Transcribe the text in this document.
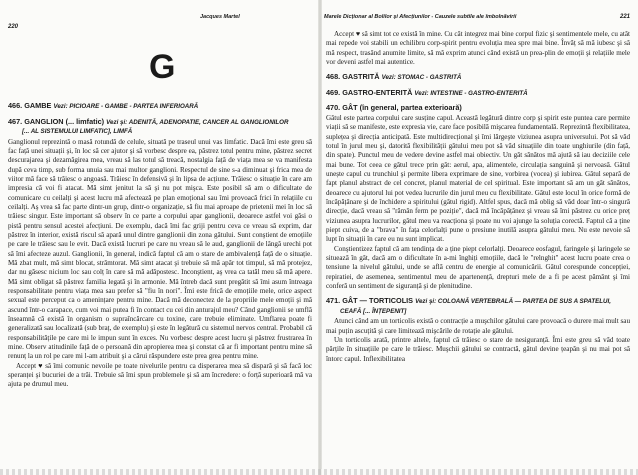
220
Jacques Martel
G
466. GAMBE Vezi: PICIOARE - GAMBE - PARTEA INFERIOARĂ
467. GANGLION (... limfatic) Vezi şi: ADENITĂ, ADENOPATIE, CANCER AL GANGLIONILOR
[... AL SISTEMULUI LIMFATIC], LIMFĂ

Ganglionul reprezintă o masă rotundă de celule, situată pe traseul unui vas limfatic. Dacă îmi este greu să fac față unei situații şi, în loc să cer ajutor şi să vorbesc despre ea, păstrez totul pentru mine, păstrez secret descurajarea şi dezamăgirea mea, vreau să las totul să treacă, nostalgia față de viața mea se va manifesta după ceva timp, sub forma unuia sau mai multor ganglioni. Respectul de sine s-a diminuat şi frica mea de viitor mă face să trăiesc o angoasă. Trăiesc în defensivă şi în lipsa de acțiune. Trăiesc o situație în care am impresia că voi fi atacat. Mă simt jenitut la să şi nu pot mişca. Este posibil să am o dificultate de comunicare cu ceilalți şi acest lucru mă afectează pe plan emoțional sau îmi provoacă frici în relațiile cu ceilalți. Aş vrea să fac parte dintr-un grup, dintr-o organizație, să fiu mai aproape de prietenii mei în loc să trăiesc singur. Este important să observ în ce parte a corpului apar ganglionii, deoarece astfel voi găsi o pistă pentru sensul acestei afecțiuni. De exemplu, dacă îmi fac griji pentru ceva ce vreau să exprim, dar păstrez în interior, există riscul să apară unul dintre ganglionii din zona gâtului. Sunt conştient de emoțiile pe care le trăiesc sau le evit. Dacă există lucruri pe care nu vreau să le aud, ganglionii de lângă urechi pot să îmi afecteze auzul. Ganglionii, în general, indică faptul că am o stare de ambivalență față de o situație. Mă zbat mult, mă simt blocat, strâmtorat. Mă simt atacat şi trebuie să mă apăr tot timpul, să mă protejez, dar nu găsesc nicium loc sau colț în care să mă adăpostesc. Inconştient, aş vrea ca tatăl meu să mă apere. Mă simt obligat să păstrez familia legată şi în armonie. Mă întreb dacă sunt pregătit să îmi asum întreaga responsabilitate pentru viața mea sau prefer să "fiu în nori". Îmi este frică de emoțiile mele, orice aspect sexual este perceput ca o amenințare pentru mine. Dacă mă deconectez de la propriile mele emoții şi mă ascund într-o carapace, cum voi mai putea fi în contact cu cei din anturajul meu? Când ganglionii se umflă înseamnă că există în organism o supraîncărcare cu toxine, care trebuie eliminate. Umflarea poate fi generalizată sau localizată (sub braț, de exemplu) şi este în legătură cu sistemul nervos central. Probabil că responsabilitățile pe care mi le impun sunt în exces. Nu vorbesc despre acest lucru şi păstrez frustrarea în mine. Observ atitudinile față de o persoană din apropierea mea şi constat că ar fi important pentru mine să renunț la un rol pe care mi l-am atribuit şi a cărui răspundere este prea grea pentru mine.

Accept ♥ să îmi comunic nevoile pe toate nivelurile pentru ca disperarea mea să dispară şi să facă loc speranței şi bucuriei de a trăi. Trebuie să îmi spun problemele şi să am încredere: o forță superioară mă va ajuta pe drumul meu.

Marele Dicționar al Bolilor şi Afecțiunilor - Cauzele subtile ale îmbolnăvirii	221

Accept ♥ să simt tot ce există în mine. Cu cât integrez mai bine corpul fizic şi sentimentele mele, cu atât mai repede voi stabili un echilibru corp-spirit pentru evoluția mea spre mai bine. Învăț să mă iubesc şi să mă respect, trasând anumite limite, să mă exprim atunci când există un prea-plin de emoții şi relațiile mele vor deveni astfel mai autentice.

468. GASTRITĂ Vezi: STOMAC - GASTRITĂ
469. GASTRO-ENTERITĂ Vezi: INTESTINE - GASTRO-ENTERITĂ
470. GÂT (în general, partea exterioară)

Gâtul este partea corpului care susține capul. Această legătură dintre corp şi spirit este puntea care permite viații să se manifeste, este expresia vie, care face posibilă mişcarea fundamentală. Reprezintă flexibilitatea, suplețea şi direcția anticipată. Este multidirecțional şi îmi lărgeşte viziunea asupra universului. Pot să văd totul în jurul meu şi, datorită flexibilității gâtului meu pot să văd situațiile din toate unghiurile (din față, din spate). Punctul meu de vedere devine astfel mai obiectiv. Un gât sănătos mă ajută să iau deciziile cele mai bune. Tot ceea ce gâtul trece prin gât: aerul, apa, alimentele, circulația sanguină şi nervoasă. Gâtul unește capul cu trunchiul şi permite libera exprimare de sine, vorbirea (vocea) şi iubirea. Gâtul separă de fapt planul abstract de cel concret, planul material de cel spiritual. Este important să am un gât sănătos, deoarece cu ajutorul lui pot vedea lucrurile din jurul meu cu flexibilitate. Gâtul este locul în orice formă de încăpățânare şi de închidere a spiritului (gâtul rigid). Altfel spus, dacă mă oblig să văd doar într-o singură direcție, dacă vreau să "rămân ferm pe poziție", dacă mă încăpățânez şi vreau să îmi păstrez cu orice preț viziunea asupra lucrurilor, gâtul meu va reacționa şi poate nu voi ajunge la soluția corectă. Faptul că a ține piept cuiva, de a "brava" în fața celorlalți pune o presiune inutilă asupra gâtului meu. Nu este nevoie să lupt în situații în care eu nu sunt implicat.

Conştientizez faptul că am tendința de a ține piept celorlalți. Deoarece eosfagul, faringele şi laringele se situează în gât, dacă am o dificultate în a-mi înghiți emoțiile, dacă le "relnghit" acest lucru poate crea o tensiune la nivelul gâtului, unde se află centru de energie al comunicării. Gâtul corespunde concepției, repiratiei, de asemenea, sentimentul meu de apartenență, drepturi mele de a fi pe acest pământ şi îmi conferă un sentiment de siguranță şi de plenitudine.

471. GÂT — TORTICOLIS Vezi şi: COLOANĂ VERTEBRALĂ — PARTEA DE SUS A SPATELUI,
CEAFĂ [... ÎNȚEPENIT]

Atunci când am un torticolis există o contracție a muşchilor gâtului care provoacă o durere mai mult sau mai puțin ascuțită şi care limitează mişcările de rotație ale gâtului.

Un torticolis arată, printre altele, faptul că trăiesc o stare de nesiguranță. Îmi este greu să văd toate părțile în situațiile pe care le trăiesc. Muşchii gâtului se contractă, gâtul devine țeapăn şi nu mai pot să întorc capul. Inflexibilitatea
